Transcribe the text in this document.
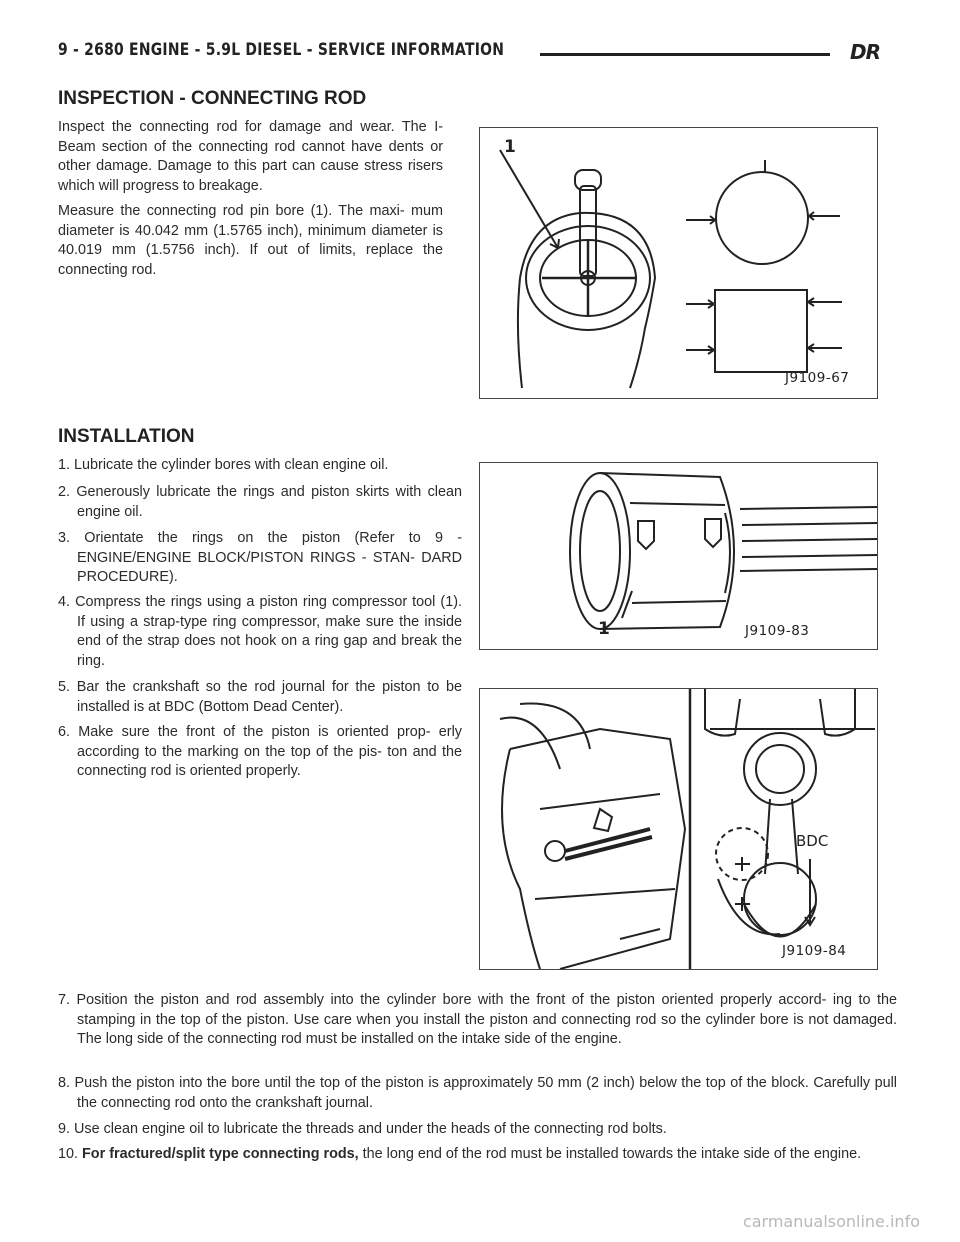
9 - 2680 ENGINE - 5.9L DIESEL - SERVICE INFORMATION	DR
INSPECTION - CONNECTING ROD

Inspect the connecting rod for damage and wear. The I-Beam section of the connecting rod cannot have dents or other damage. Damage to this part can cause stress risers which will progress to breakage.

Measure the connecting rod pin bore (1). The maxi- mum diameter is 40.042 mm (1.5765 inch), minimum diameter is 40.019 mm (1.5756 inch). If out of limits, replace the connecting rod.

1
J9109-67
INSTALLATION

1. Lubricate the cylinder bores with clean engine oil.

2. Generously lubricate the rings and piston skirts with clean engine oil.

3. Orientate the rings on the piston (Refer to 9 - ENGINE/ENGINE BLOCK/PISTON RINGS - STAN- DARD PROCEDURE).

4. Compress the rings using a piston ring compressor tool (1). If using a strap-type ring compressor, make sure the inside end of the strap does not hook on a ring gap and break the ring.

5. Bar the crankshaft so the rod journal for the piston to be installed is at BDC (Bottom Dead Center).

6. Make sure the front of the piston is oriented prop- erly according to the marking on the top of the pis- ton and the connecting rod is oriented properly.

1	J9109-83
BDC
J9109-84

7. Position the piston and rod assembly into the cylinder bore with the front of the piston oriented properly accord- ing to the stamping in the top of the piston. Use care when you install the piston and connecting rod so the cylinder bore is not damaged. The long side of the connecting rod must be installed on the intake side of the engine.

8. Push the piston into the bore until the top of the piston is approximately 50 mm (2 inch) below the top of the block. Carefully pull the connecting rod onto the crankshaft journal.

9. Use clean engine oil to lubricate the threads and under the heads of the connecting rod bolts.

10. For fractured/split type connecting rods, the long end of the rod must be installed towards the intake side of the engine.

carmanualsonline.info
